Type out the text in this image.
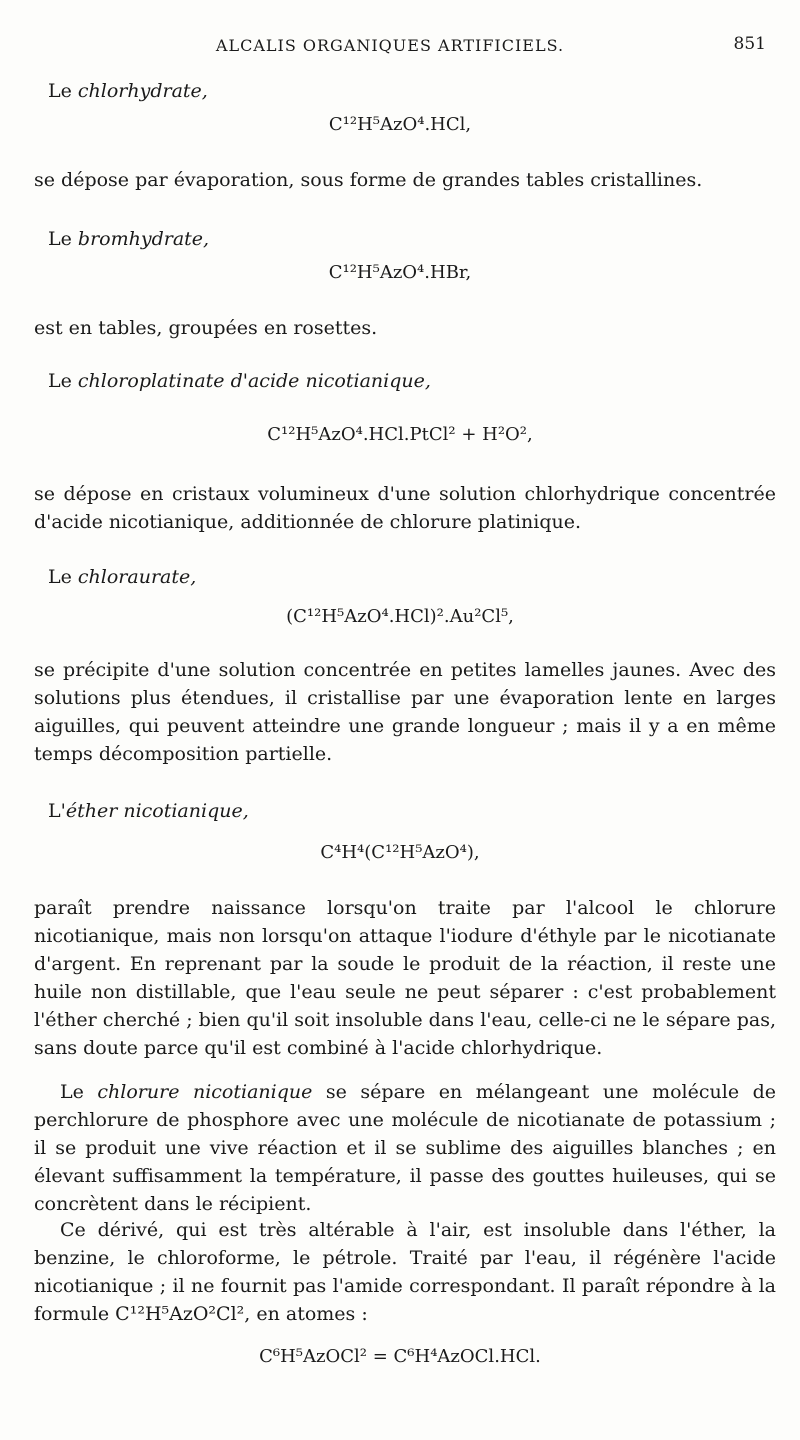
ALCALIS ORGANIQUES ARTIFICIELS.	851

Le chlorhydrate,

C¹²H⁵AzO⁴.HCl,

se dépose par évaporation, sous forme de grandes tables cristallines.

Le bromhydrate,

C¹²H⁵AzO⁴.HBr,

est en tables, groupées en rosettes.

Le chloroplatinate d'acide nicotianique,

C¹²H⁵AzO⁴.HCl.PtCl² + H²O²,

se dépose en cristaux volumineux d'une solution chlorhydrique concentrée d'acide nicotianique, additionnée de chlorure platinique.

Le chloraurate,

(C¹²H⁵AzO⁴.HCl)².Au²Cl⁵,

se précipite d'une solution concentrée en petites lamelles jaunes. Avec des solutions plus étendues, il cristallise par une évaporation lente en larges aiguilles, qui peuvent atteindre une grande longueur ; mais il y a en même temps décomposition partielle.

L'éther nicotianique,

C⁴H⁴(C¹²H⁵AzO⁴),

paraît prendre naissance lorsqu'on traite par l'alcool le chlorure nicotianique, mais non lorsqu'on attaque l'iodure d'éthyle par le nicotianate d'argent. En reprenant par la soude le produit de la réaction, il reste une huile non distillable, que l'eau seule ne peut séparer : c'est probablement l'éther cherché ; bien qu'il soit insoluble dans l'eau, celle-ci ne le sépare pas, sans doute parce qu'il est combiné à l'acide chlorhydrique.

Le chlorure nicotianique se sépare en mélangeant une molécule de perchlorure de phosphore avec une molécule de nicotianate de potassium ; il se produit une vive réaction et il se sublime des aiguilles blanches ; en élevant suffisamment la température, il passe des gouttes huileuses, qui se concrètent dans le récipient.

Ce dérivé, qui est très altérable à l'air, est insoluble dans l'éther, la benzine, le chloroforme, le pétrole. Traité par l'eau, il régénère l'acide nicotianique ; il ne fournit pas l'amide correspondant. Il paraît répondre à la formule C¹²H⁵AzO²Cl², en atomes :

C⁶H⁵AzOCl² = C⁶H⁴AzOCl.HCl.
